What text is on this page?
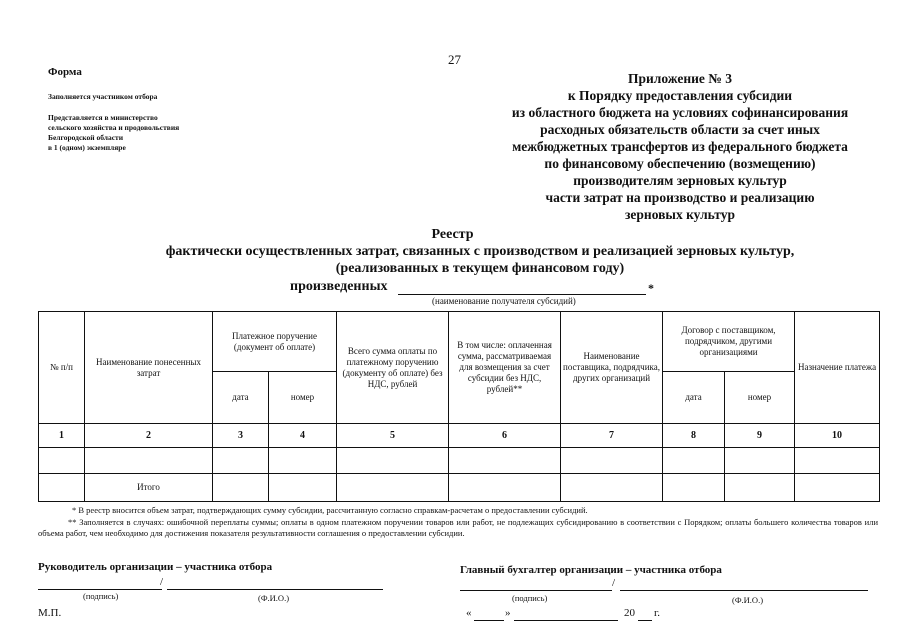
27
Форма
Заполняется участником отбора
Представляется в министерство
сельского хозяйства и продовольствия
Белгородской области
в 1 (одном) экземпляре
Приложение № 3
к Порядку предоставления субсидии
из областного бюджета на условиях софинансирования
расходных обязательств области за счет иных
межбюджетных трансфертов из федерального бюджета
по финансовому обеспечению (возмещению)
производителям зерновых культур
части затрат на производство и реализацию
зерновых культур
Реестр
фактически осуществленных затрат, связанных с производством и реализацией зерновых культур,
(реализованных в текущем финансовом году)
произведенных	*
(наименование получателя субсидий)
№ п/п	Наименование понесенных затрат	Платежное поручение (документ об оплате)		Всего сумма оплаты по платежному поручению (документу об оплате) без НДС, рублей	В том числе: оплаченная сумма, рассматриваемая для возмещения за счет субсидии без НДС, рублей**	Наименование поставщика, подрядчика, других организаций	Договор с поставщиком, подрядчиком, другими организациями		Назначение платежа
		дата	номер				дата	номер	
1	2	3	4	5	6	7	8	9	10

	Итого								
* В реестр вносится объем затрат, подтверждающих сумму субсидии, рассчитанную согласно справкам-расчетам о предоставлении субсидий.
** Заполняется в случаях: ошибочной переплаты суммы; оплаты в одном платежном поручении товаров или работ, не подлежащих субсидированию в соответствии с Порядком; оплаты большего количества товаров или объема работ, чем необходимо для достижения показателя результативности соглашения о предоставлении субсидии.
Руководитель организации – участника отбора
/
(подпись)	(Ф.И.О.)
М.П.
Главный бухгалтер организации – участника отбора
/
(подпись)	(Ф.И.О.)
«	»	20 г.
